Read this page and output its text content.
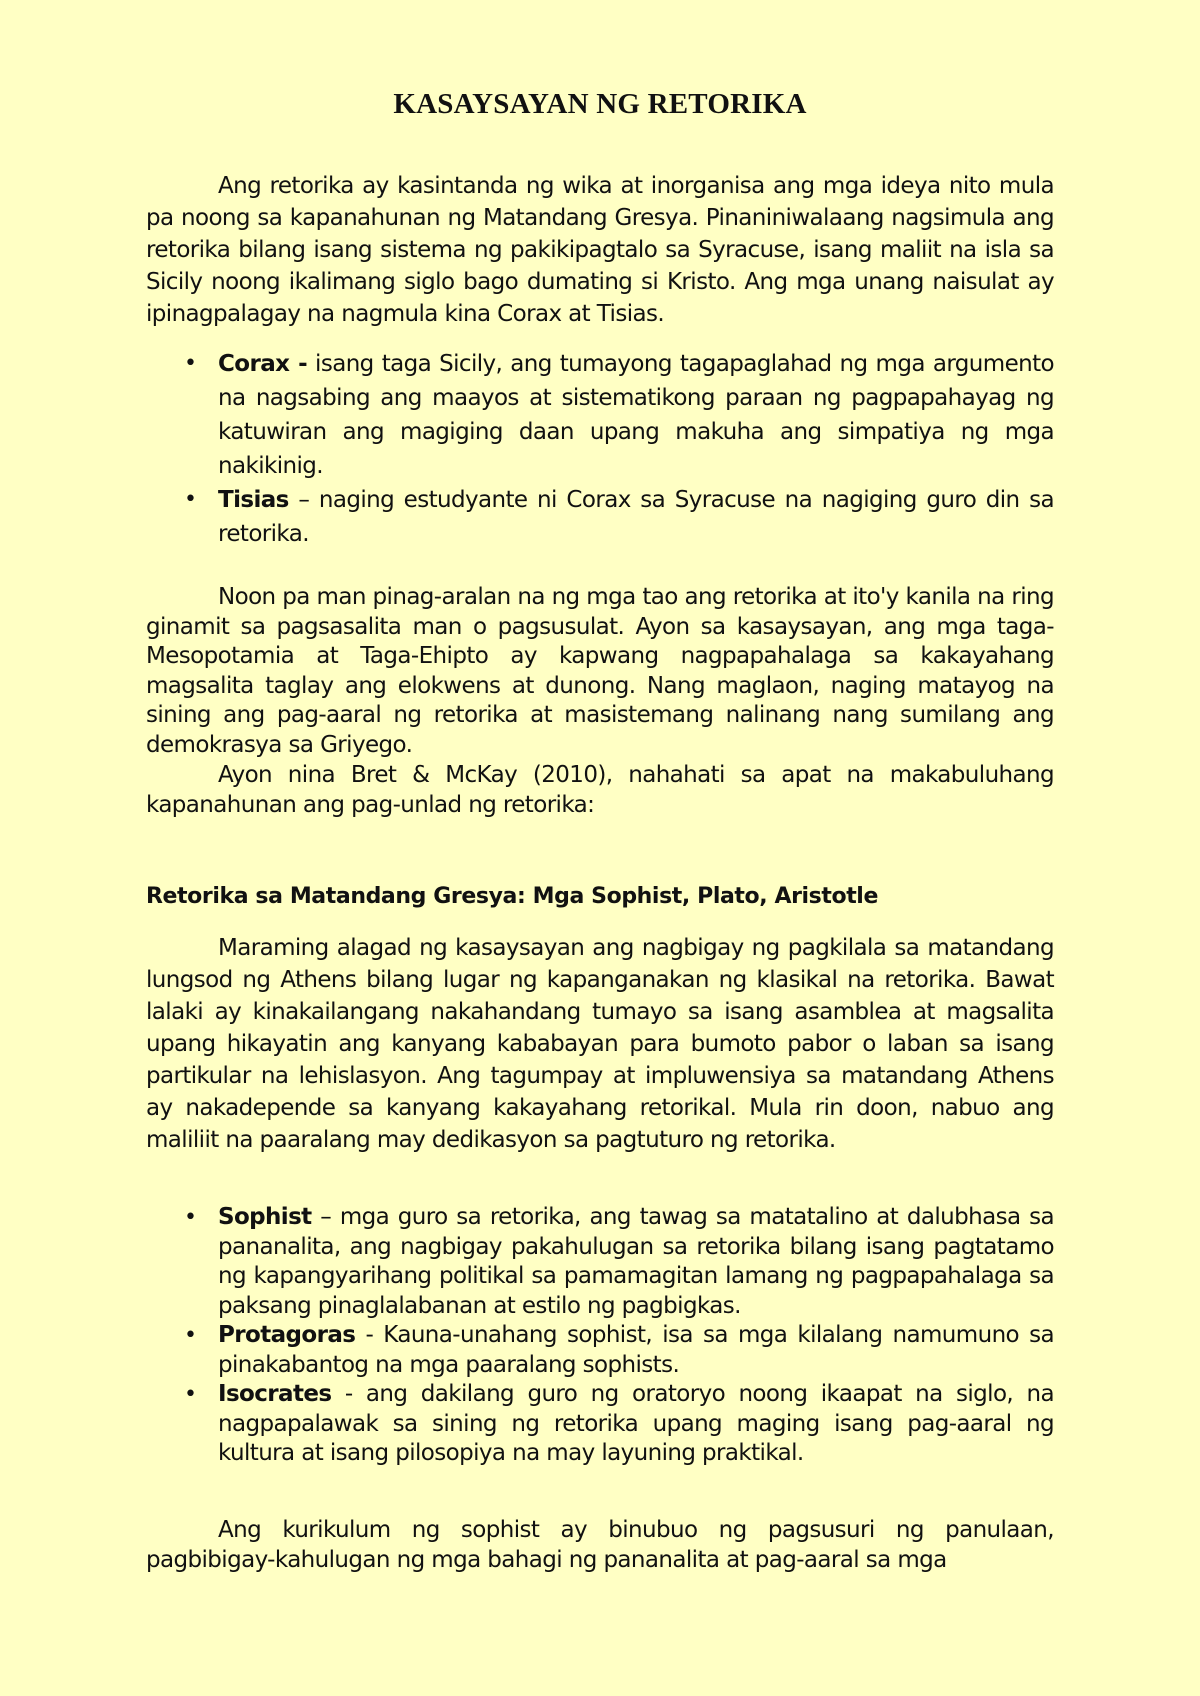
KASAYSAYAN NG RETORIKA

Ang retorika ay kasintanda ng wika at inorganisa ang mga ideya nito mula pa noong sa kapanahunan ng Matandang Gresya. Pinaniniwalaang nagsimula ang retorika bilang isang sistema ng pakikipagtalo sa Syracuse, isang maliit na isla sa Sicily noong ikalimang siglo bago dumating si Kristo. Ang mga unang naisulat ay ipinagpalagay na nagmula kina Corax at Tisias.

• Corax - isang taga Sicily, ang tumayong tagapaglahad ng mga argumento na nagsabing ang maayos at sistematikong paraan ng pagpapahayag ng katuwiran ang magiging daan upang makuha ang simpatiya ng mga nakikinig.
• Tisias – naging estudyante ni Corax sa Syracuse na nagiging guro din sa retorika.

Noon pa man pinag-aralan na ng mga tao ang retorika at ito'y kanila na ring ginamit sa pagsasalita man o pagsusulat. Ayon sa kasaysayan, ang mga taga-Mesopotamia at Taga-Ehipto ay kapwang nagpapahalaga sa kakayahang magsalita taglay ang elokwens at dunong. Nang maglaon, naging matayog na sining ang pag-aaral ng retorika at masistemang nalinang nang sumilang ang demokrasya sa Griyego.

Ayon nina Bret & McKay (2010), nahahati sa apat na makabuluhang kapanahunan ang pag-unlad ng retorika:

Retorika sa Matandang Gresya: Mga Sophist, Plato, Aristotle

Maraming alagad ng kasaysayan ang nagbigay ng pagkilala sa matandang lungsod ng Athens bilang lugar ng kapanganakan ng klasikal na retorika. Bawat lalaki ay kinakailangang nakahandang tumayo sa isang asamblea at magsalita upang hikayatin ang kanyang kababayan para bumoto pabor o laban sa isang partikular na lehislasyon. Ang tagumpay at impluwensiya sa matandang Athens ay nakadepende sa kanyang kakayahang retorikal. Mula rin doon, nabuo ang maliliit na paaralang may dedikasyon sa pagtuturo ng retorika.

• Sophist – mga guro sa retorika, ang tawag sa matatalino at dalubhasa sa pananalita, ang nagbigay pakahulugan sa retorika bilang isang pagtatamo ng kapangyarihang politikal sa pamamagitan lamang ng pagpapahalaga sa paksang pinaglalabanan at estilo ng pagbigkas.
• Protagoras - Kauna-unahang sophist, isa sa mga kilalang namumuno sa pinakabantog na mga paaralang sophists.
• Isocrates - ang dakilang guro ng oratoryo noong ikaapat na siglo, na nagpapalawak sa sining ng retorika upang maging isang pag-aaral ng kultura at isang pilosopiya na may layuning praktikal.

Ang kurikulum ng sophist ay binubuo ng pagsusuri ng panulaan, pagbibigay-kahulugan ng mga bahagi ng pananalita at pag-aaral sa mga
